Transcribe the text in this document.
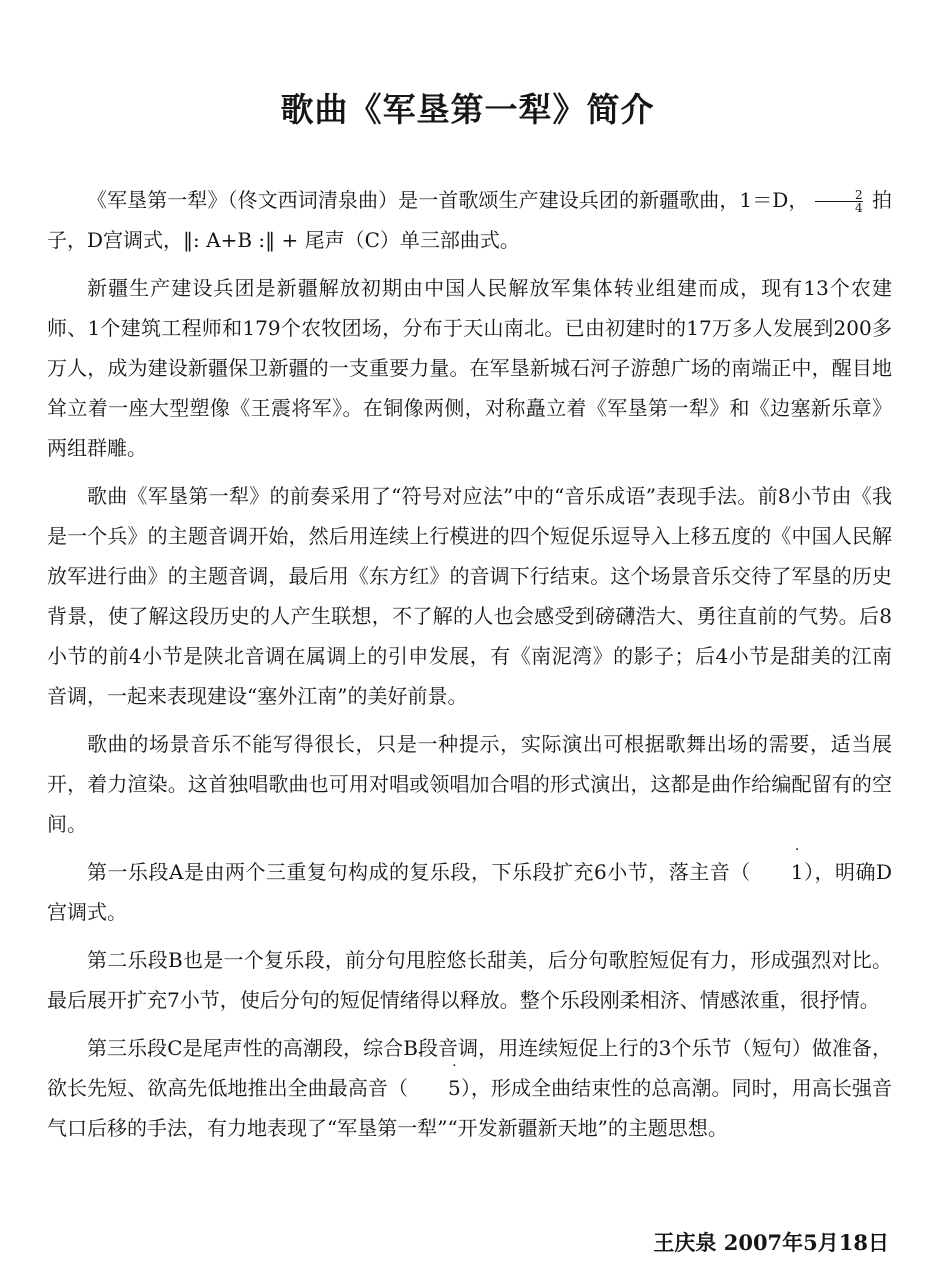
歌曲《军垦第一犁》简介

《军垦第一犁》（佟文西词清泉曲）是一首歌颂生产建设兵团的新疆歌曲，1＝D， $\frac{2}{4}$ 拍子，D宫调式，‖: A+B :‖ + 尾声（C）单三部曲式。

新疆生产建设兵团是新疆解放初期由中国人民解放军集体转业组建而成，现有13个农建师、1个建筑工程师和179个农牧团场，分布于天山南北。已由初建时的17万多人发展到200多万人，成为建设新疆保卫新疆的一支重要力量。在军垦新城石河子游憩广场的南端正中，醒目地耸立着一座大型塑像《王震将军》。在铜像两侧，对称矗立着《军垦第一犁》和《边塞新乐章》两组群雕。

歌曲《军垦第一犁》的前奏采用了“符号对应法”中的“音乐成语”表现手法。前8小节由《我是一个兵》的主题音调开始，然后用连续上行模进的四个短促乐逗导入上移五度的《中国人民解放军进行曲》的主题音调，最后用《东方红》的音调下行结束。这个场景音乐交待了军垦的历史背景，使了解这段历史的人产生联想，不了解的人也会感受到磅礴浩大、勇往直前的气势。后8小节的前4小节是陕北音调在属调上的引申发展，有《南泥湾》的影子；后4小节是甜美的江南音调，一起来表现建设“塞外江南”的美好前景。

歌曲的场景音乐不能写得很长，只是一种提示，实际演出可根据歌舞出场的需要，适当展开，着力渲染。这首独唱歌曲也可用对唱或领唱加合唱的形式演出，这都是曲作给编配留有的空间。

第一乐段A是由两个三重复句构成的复乐段，下乐段扩充6小节，落主音（ 1
·
），明确D宫调式。

第二乐段B也是一个复乐段，前分句甩腔悠长甜美，后分句歌腔短促有力，形成强烈对比。最后展开扩充7小节，使后分句的短促情绪得以释放。整个乐段刚柔相济、情感浓重，很抒情。

第三乐段C是尾声性的高潮段，综合B段音调，用连续短促上行的3个乐节（短句）做准备，欲长先短、欲高先低地推出全曲最高音（ 5
·
），形成全曲结束性的总高潮。同时，用高长强音气口后移的手法，有力地表现了“军垦第一犁”“开发新疆新天地”的主题思想。

王庆泉 2007年5月18日
